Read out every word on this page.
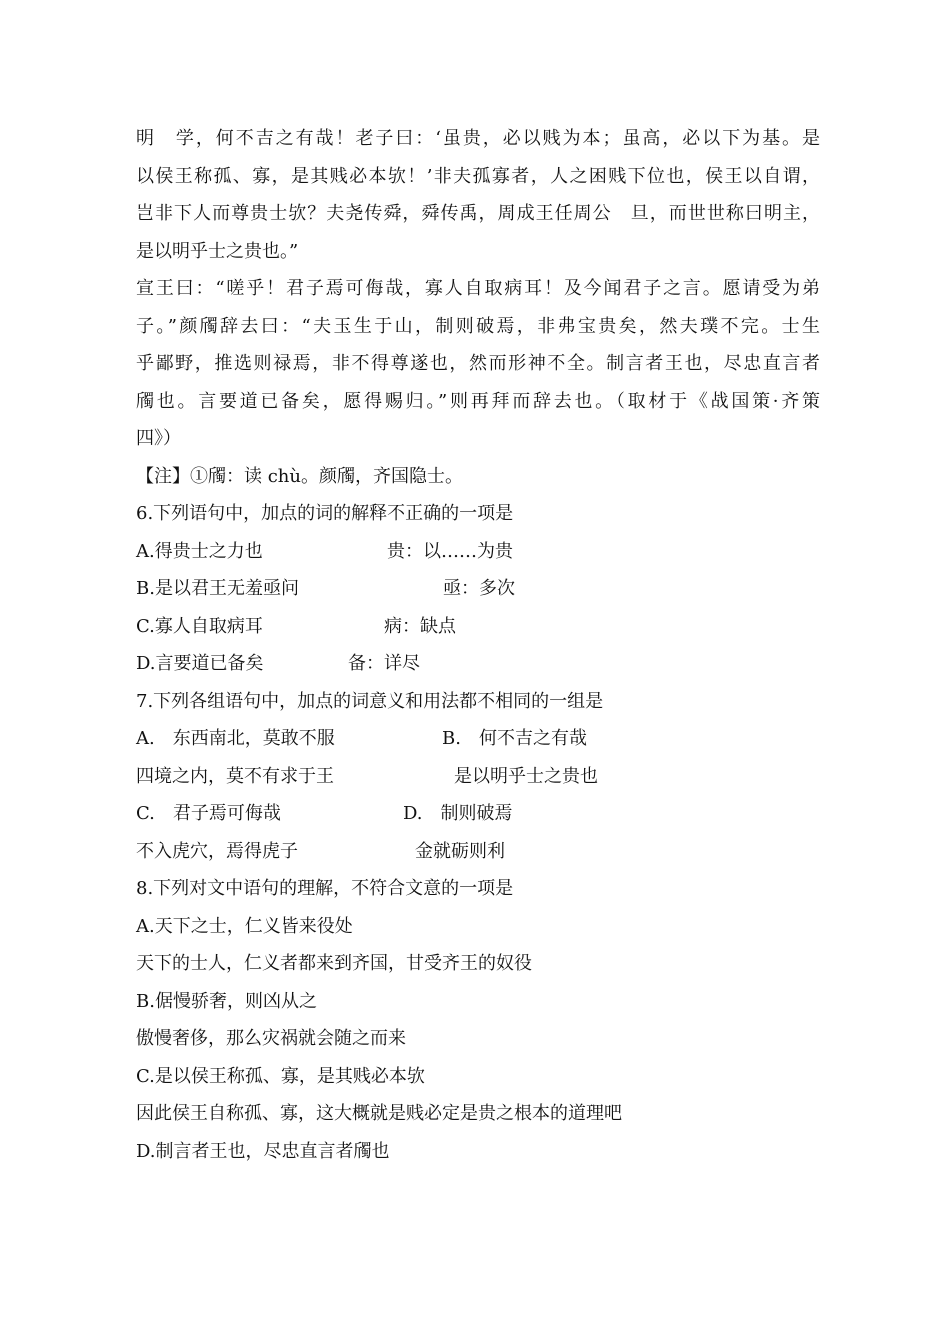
明　学，何不吉之有哉！老子曰：‘虽贵，必以贱为本；虽高，必以下为基。是
以侯王称孤、寡，是其贱必本欤！’非夫孤寡者，人之困贱下位也，侯王以自谓，
岂非下人而尊贵士欤？夫尧传舜，舜传禹，周成王任周公　旦，而世世称曰明主，
是以明乎士之贵也。”
宣王曰：“嗟乎！君子焉可侮哉，寡人自取病耳！及今闻君子之言。愿请受为弟
子。”颜斶辞去曰：“夫玉生于山，制则破焉，非弗宝贵矣，然夫璞不完。士生
乎鄙野，推选则禄焉，非不得尊遂也，然而形神不全。制言者王也，尽忠直言者
斶也。言要道已备矣，愿得赐归。”则再拜而辞去也。（取材于《战国策·齐策
四》）
【注】①斶：读 chù。颜斶，齐国隐士。
6.下列语句中，加点的词的解释不正确的一项是
A.得贵士之力也	贵：以……为贵
B.是以君王无羞亟问	亟：多次
C.寡人自取病耳	病：缺点
D.言要道已备矣	备：详尽
7.下列各组语句中，加点的词意义和用法都不相同的一组是
A.　东西南北，莫敢不服	B.　何不吉之有哉
四境之内，莫不有求于王	是以明乎士之贵也
C.　君子焉可侮哉	D.　制则破焉
不入虎穴，焉得虎子	金就砺则利
8.下列对文中语句的理解，不符合文意的一项是
A.天下之士，仁义皆来役处
天下的士人，仁义者都来到齐国，甘受齐王的奴役
B.倨慢骄奢，则凶从之
傲慢奢侈，那么灾祸就会随之而来
C.是以侯王称孤、寡，是其贱必本欤
因此侯王自称孤、寡，这大概就是贱必定是贵之根本的道理吧
D.制言者王也，尽忠直言者斶也
